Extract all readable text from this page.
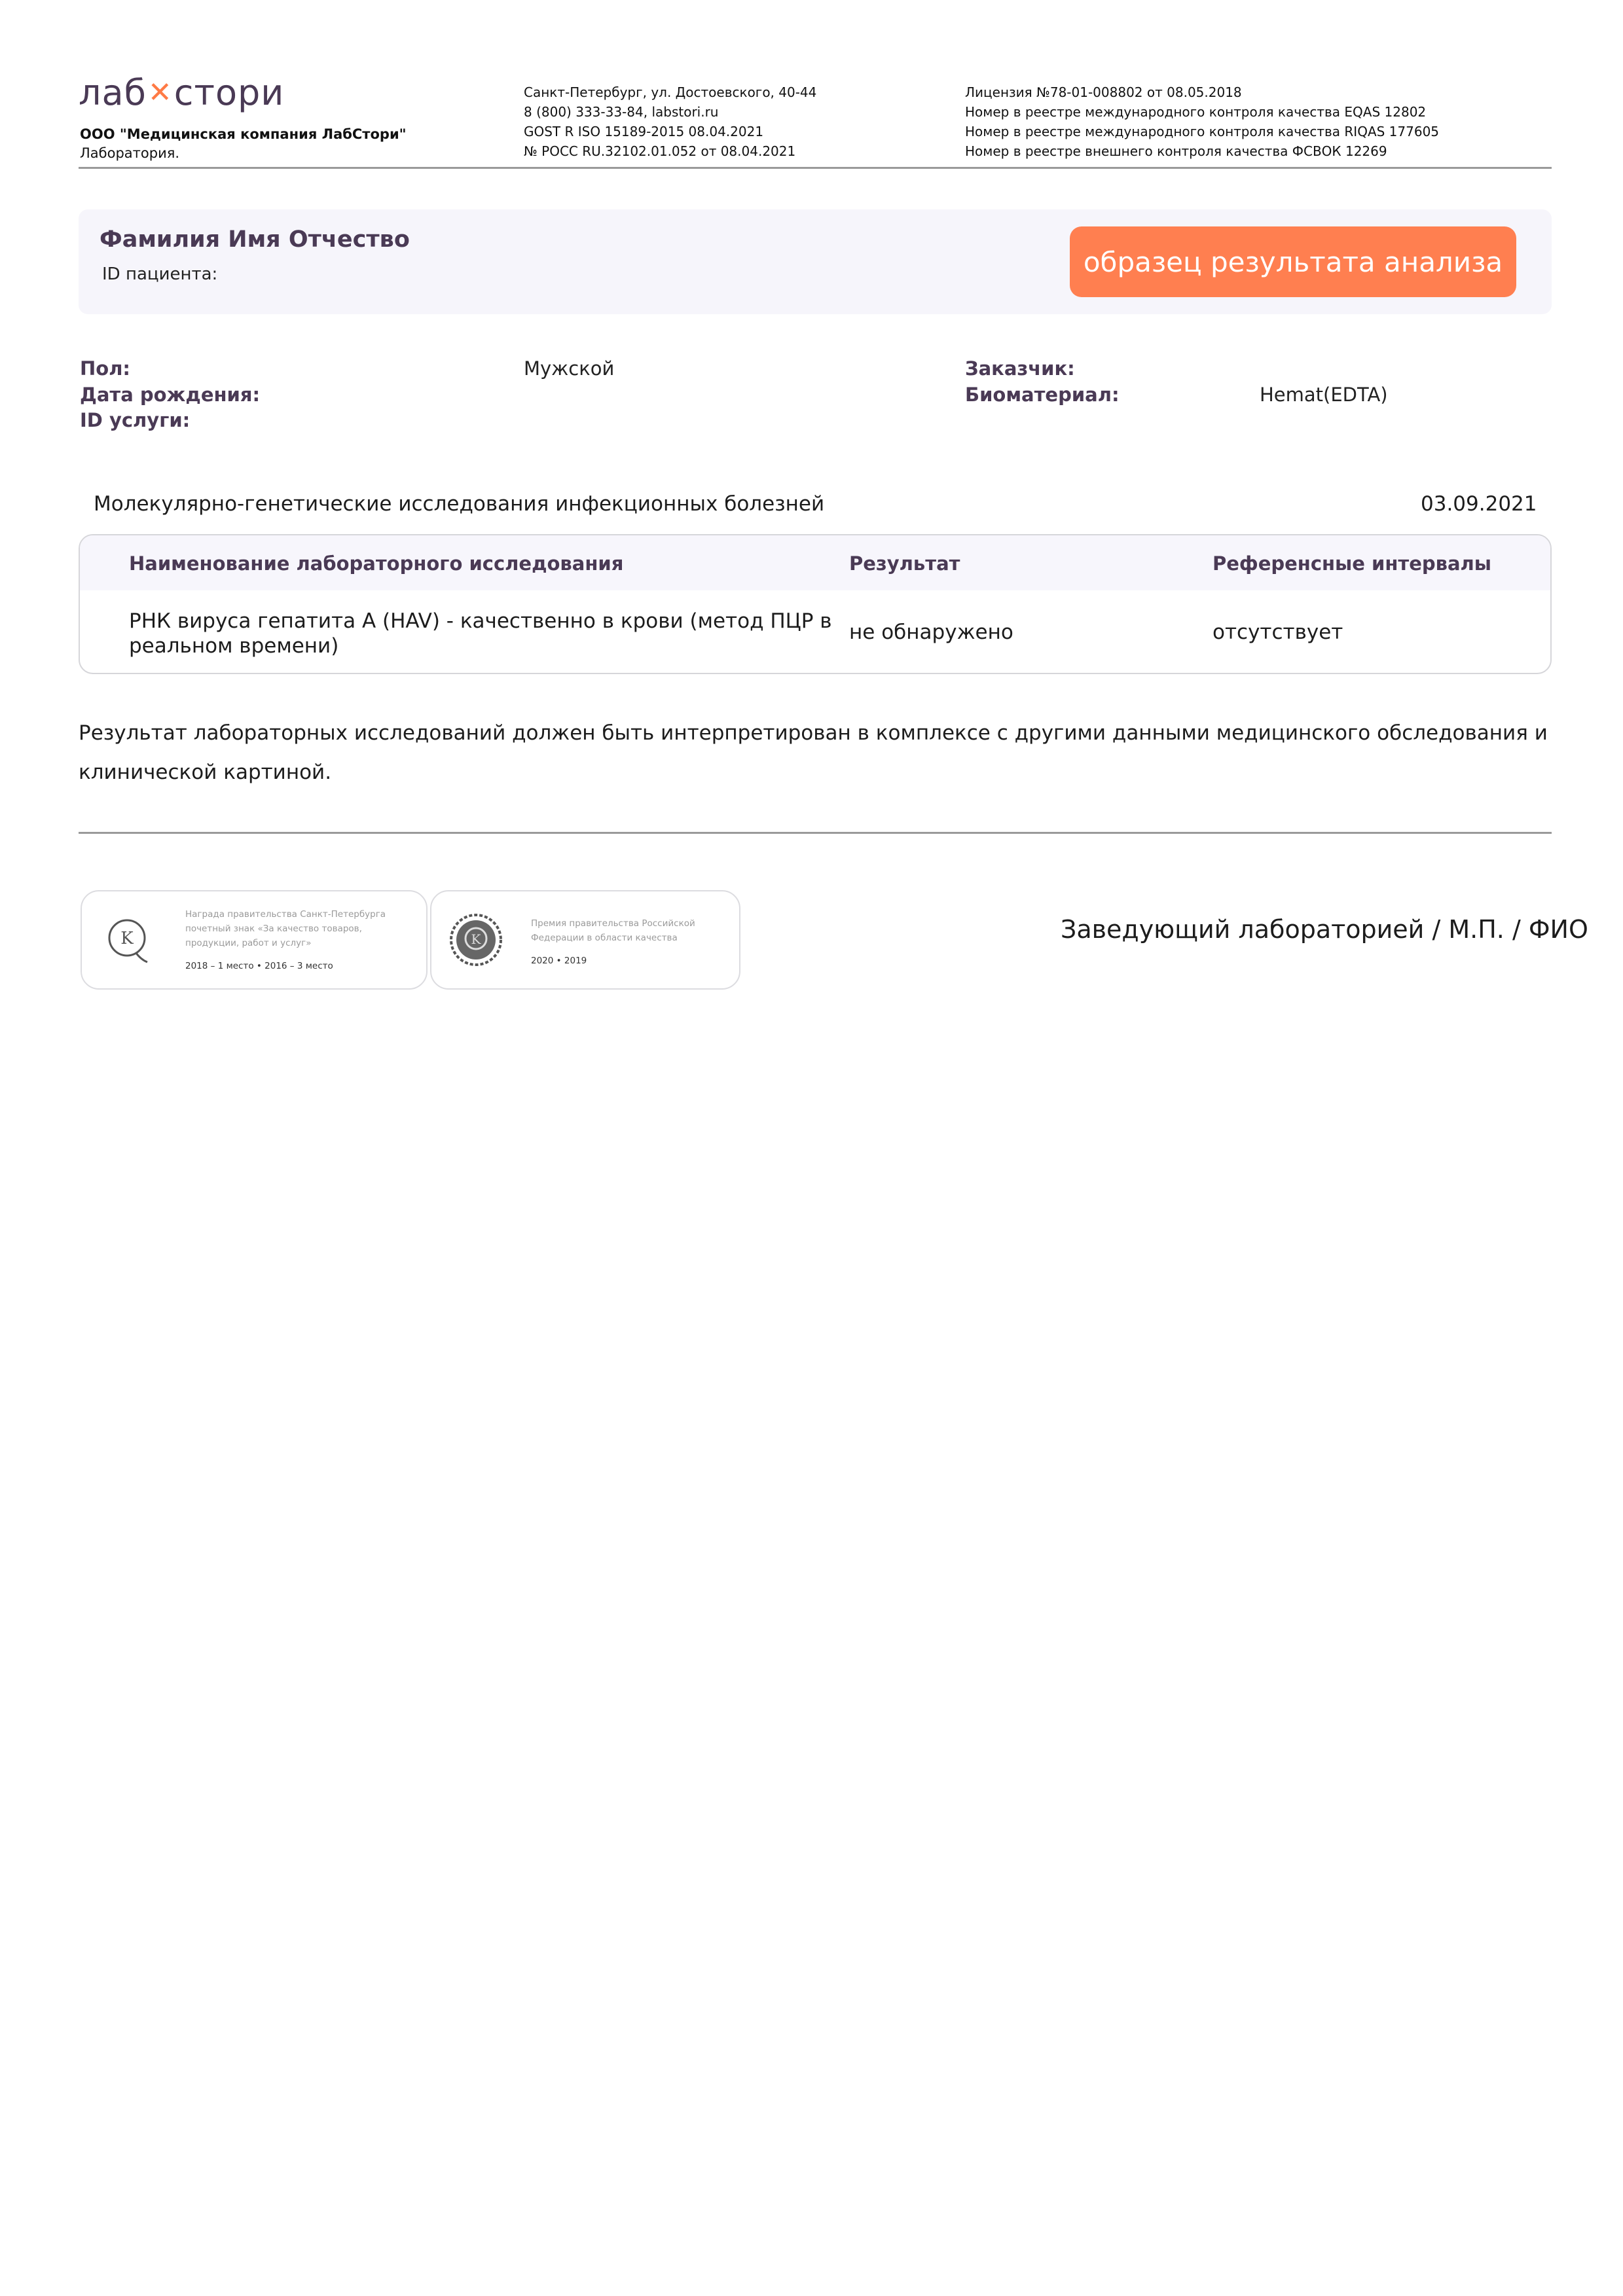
лаб ✕ стори
ООО "Медицинская компания ЛабСтори"
Лаборатория.
Санкт-Петербург, ул. Достоевского, 40-44
8 (800) 333-33-84, labstori.ru
GOST R ISO 15189-2015 08.04.2021
№ РОСС RU.32102.01.052 от 08.04.2021
Лицензия №78-01-008802 от 08.05.2018
Номер в реестре международного контроля качества EQAS 12802
Номер в реестре международного контроля качества RIQAS 177605
Номер в реестре внешнего контроля качества ФСВОК 12269
Фамилия Имя Отчество
ID пациента:	образец результата анализа
Пол:	Мужской
Дата рождения:
ID услуги:
Заказчик:
Биоматериал:	Hemat(EDTA)
Молекулярно-генетические исследования инфекционных болезней	03.09.2021
Наименование лабораторного исследования	Результат	Референсные интервалы
РНК вируса гепатита А (HAV) - качественно в крови (метод ПЦР в
реальном времени)
не обнаружено	отсутствует
Результат лабораторных исследований должен быть интерпретирован в комплексе с другими данными медицинского обследования и клинической картиной.
K
Награда правительства Санкт-Петербурга
почетный знак «За качество товаров,
продукции, работ и услуг»
2018 – 1 место • 2016 – 3 место
K
Премия правительства Российской
Федерации в области качества
2020 • 2019
Заведующий лабораторией / М.П. / ФИО
